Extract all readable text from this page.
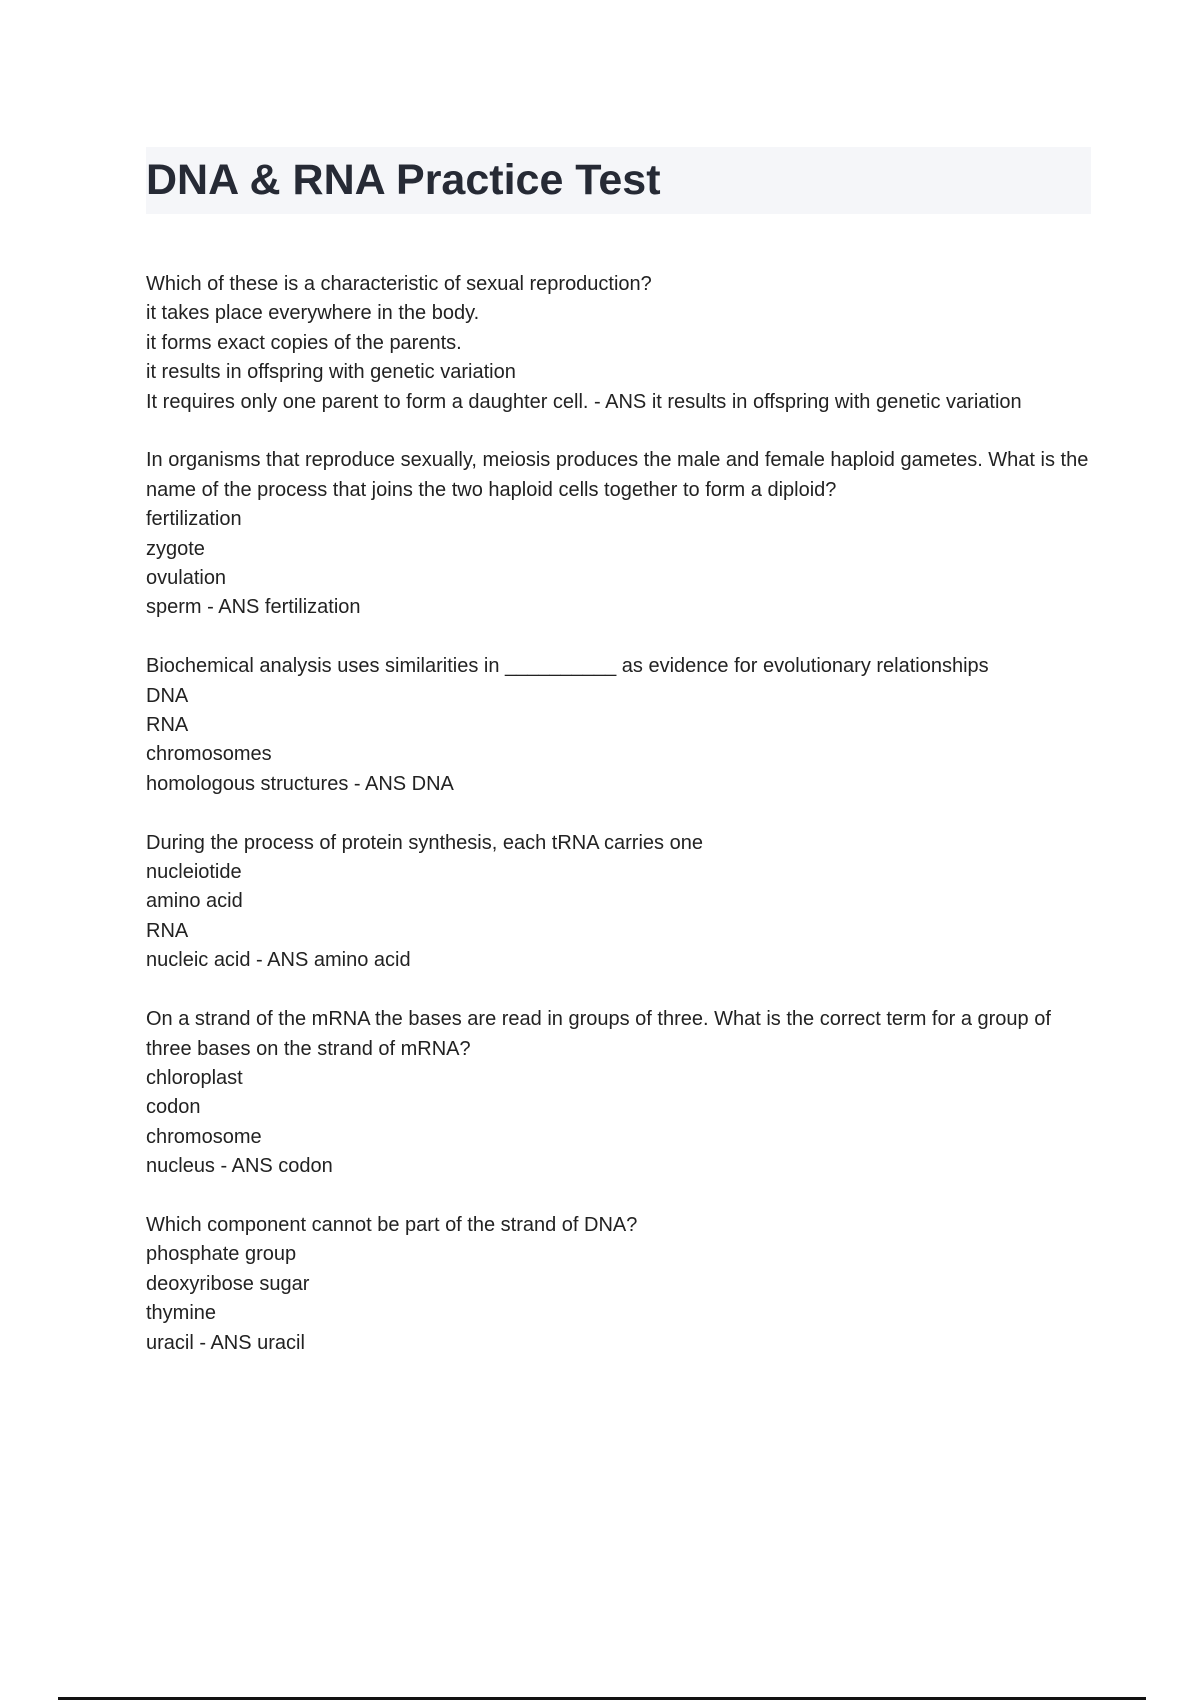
DNA & RNA Practice Test
Which of these is a characteristic of sexual reproduction?
it takes place everywhere in the body.
it forms exact copies of the parents.
it results in offspring with genetic variation
It requires only one parent to form a daughter cell. - ANS it results in offspring with genetic variation
In organisms that reproduce sexually, meiosis produces the male and female haploid gametes. What is the name of the process that joins the two haploid cells together to form a diploid?
fertilization
zygote
ovulation
sperm - ANS fertilization
Biochemical analysis uses similarities in __________ as evidence for evolutionary relationships
DNA
RNA
chromosomes
homologous structures - ANS DNA
During the process of protein synthesis, each tRNA carries one
nucleiotide
amino acid
RNA
nucleic acid - ANS amino acid
On a strand of the mRNA the bases are read in groups of three. What is the correct term for a group of three bases on the strand of mRNA?
chloroplast
codon
chromosome
nucleus - ANS codon
Which component cannot be part of the strand of DNA?
phosphate group
deoxyribose sugar
thymine
uracil - ANS uracil
